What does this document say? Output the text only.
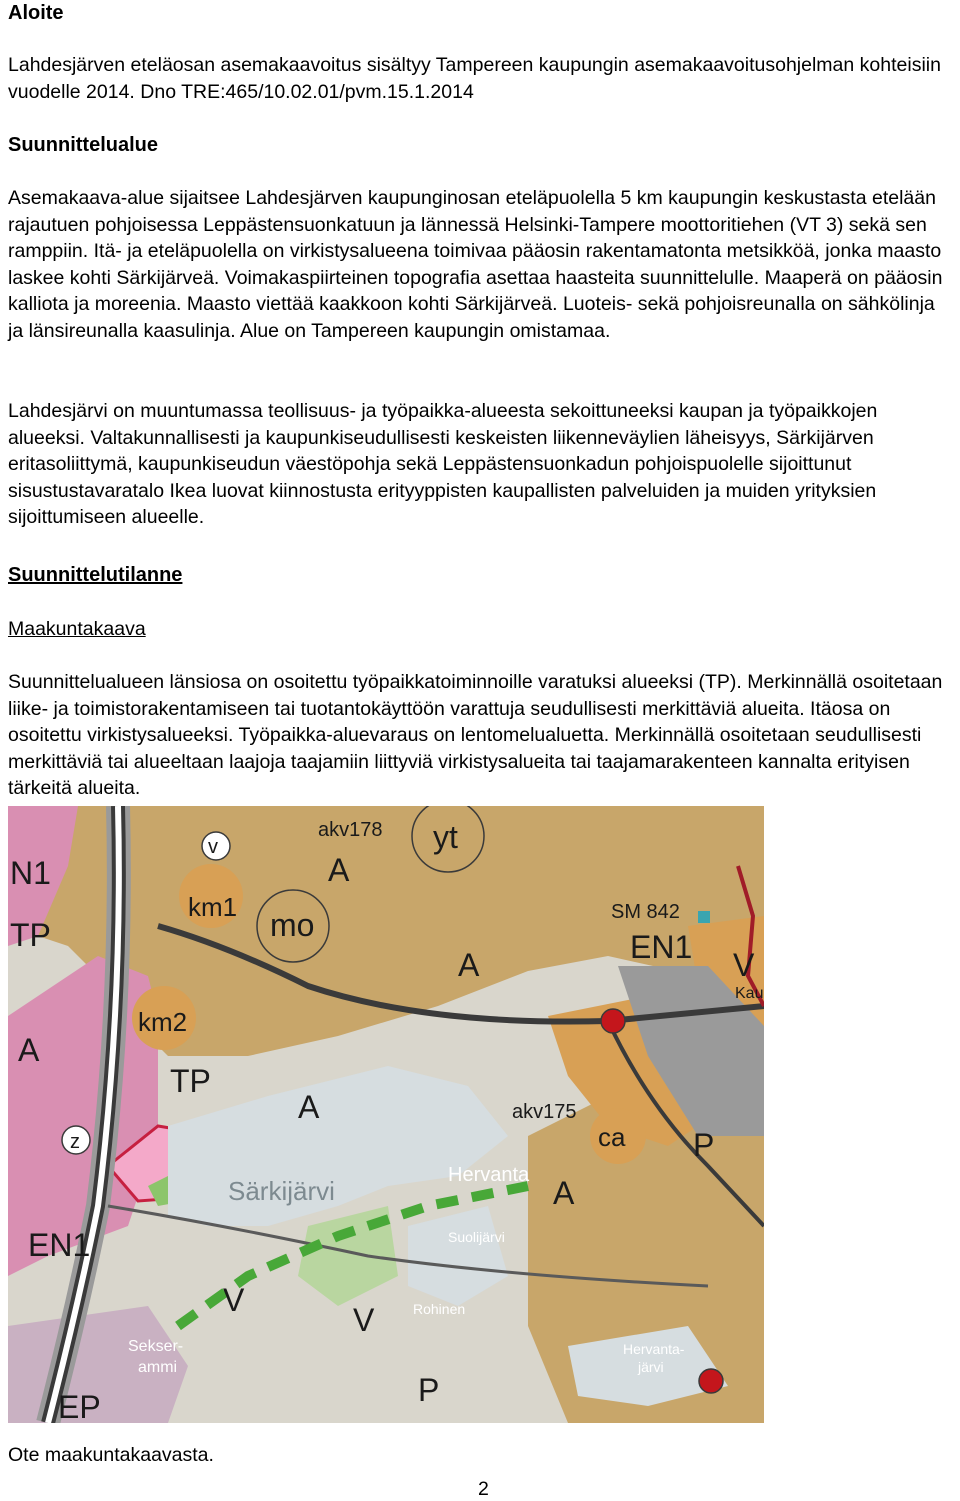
Aloite

Lahdesjärven eteläosan asemakaavoitus sisältyy Tampereen kaupungin asemakaavoitusohjelman kohteisiin vuodelle 2014. Dno TRE:465/10.02.01/pvm.15.1.2014

Suunnittelualue

Asemakaava-alue sijaitsee Lahdesjärven kaupunginosan eteläpuolella 5 km kaupungin keskustasta etelään rajautuen pohjoisessa Leppästensuonkatuun ja lännessä Helsinki-Tampere moottoritiehen (VT 3) sekä sen ramppiin. Itä- ja eteläpuolella on virkistysalueena toimivaa pääosin rakentamatonta metsikköä, jonka maasto laskee kohti Särkijärveä. Voimakaspiirteinen topografia asettaa haasteita suunnittelulle. Maaperä on pääosin kalliota ja moreenia. Maasto viettää kaakkoon kohti Särkijärveä. Luoteis- sekä pohjoisreunalla on sähkölinja ja länsireunalla kaasulinja. Alue on Tampereen kaupungin omistamaa.

Lahdesjärvi on muuntumassa teollisuus- ja työpaikka-alueesta sekoittuneeksi kaupan ja työpaikkojen alueeksi. Valtakunnallisesti ja kaupunkiseudullisesti keskeisten liikenneväylien läheisyys, Särkijärven eritasoliittymä, kaupunkiseudun väestöpohja sekä Leppästensuonkadun pohjoispuolelle sijoittunut sisustustavaratalo Ikea luovat kiinnostusta erityyppisten kaupallisten palveluiden ja muiden yrityksien sijoittumiseen alueelle.

Suunnittelutilanne
Maakuntakaava

Suunnittelualueen länsiosa on osoitettu työpaikkatoiminnoille varatuksi alueeksi (TP). Merkinnällä osoitetaan liike- ja toimistorakentamiseen tai tuotantokäyttöön varattuja seudullisesti merkittäviä alueita. Itäosa on osoitettu virkistysalueeksi. Työpaikka-aluevaraus on lentomelualuetta. Merkinnällä osoitetaan seudullisesti merkittäviä tai alueeltaan laajoja taajamiin liittyviä virkistysalueita tai taajamarakenteen kannalta erityisen tärkeitä alueita.

akv178 yt
v
A
N1
km1 mo
TP
SM 842
EN1 V
A
km2
A
TP
A	akv175
ca P
z
Hervanta
Särkijärvi	A
EN1	Suolijärvi
V
V	Rohinen
Sekser-
ammi
Hervanta-
järvi
P
EP
Kau
Ote maakuntakaavasta.
2
